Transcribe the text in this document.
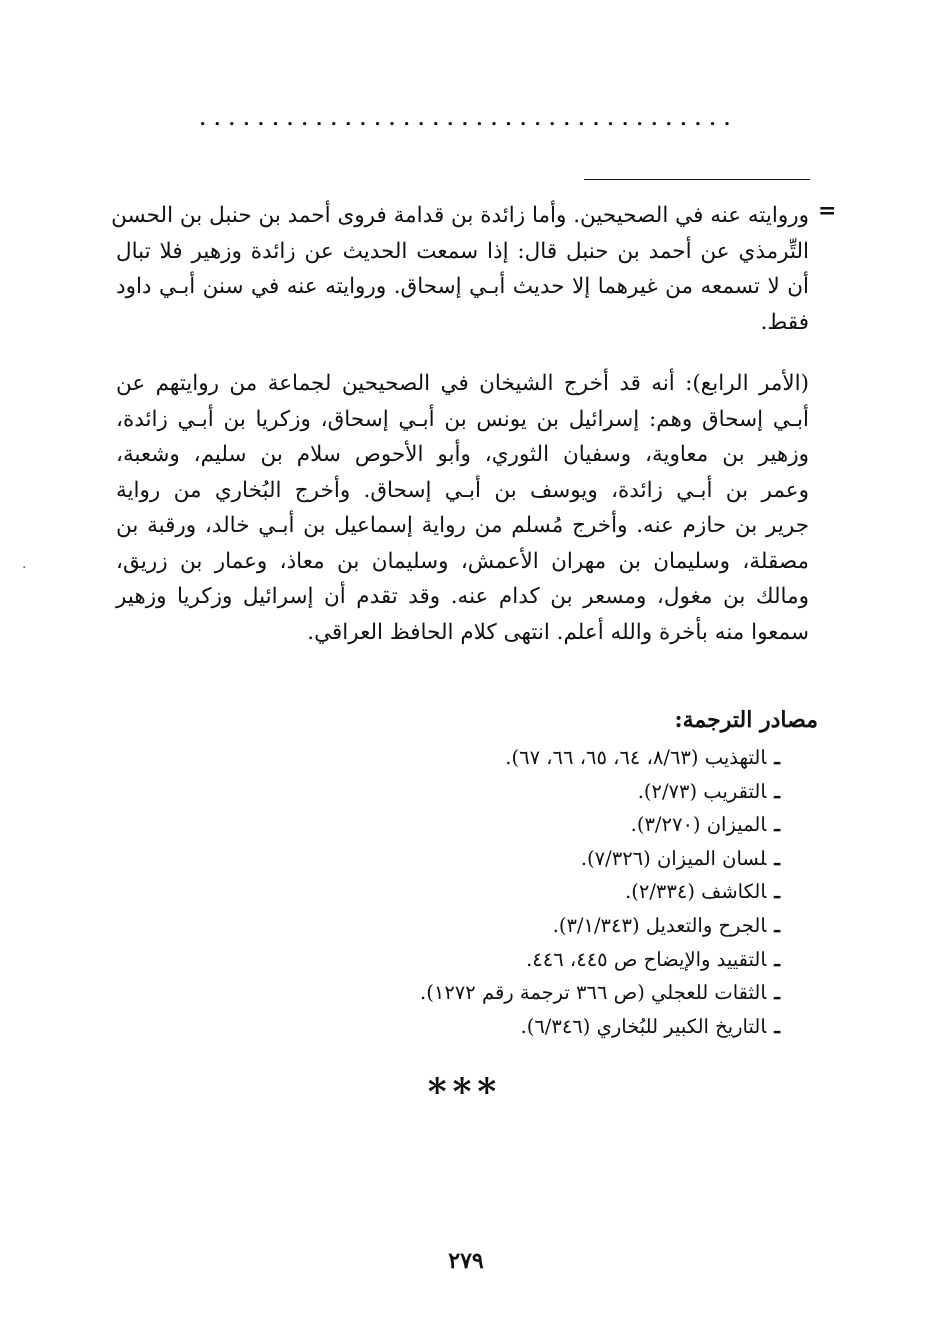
.....................................
=
·
وروايته عنه في الصحيحين. وأما زائدة بن قدامة فروى أحمد بن حنبل بن الحسن
التِّرمذي عن أحمد بن حنبل قال: إذا سمعت الحديث عن زائدة وزهير فلا تبال
أن لا تسمعه من غيرهما إلا حديث أبـي إسحاق. وروايته عنه في سنن أبـي داود
فقط.
(الأمر الرابع): أنه قد أخرج الشيخان في الصحيحين لجماعة من روايتهم عن
أبـي إسحاق وهم: إسرائيل بن يونس بن أبـي إسحاق، وزكريا بن أبـي زائدة،
وزهير بن معاوية، وسفيان الثوري، وأبو الأحوص سلام بن سليم، وشعبة،
وعمر بن أبـي زائدة، ويوسف بن أبـي إسحاق. وأخرج البُخاري من رواية
جرير بن حازم عنه. وأخرج مُسلم من رواية إسماعيل بن أبـي خالد، ورقبة بن
مصقلة، وسليمان بن مهران الأعمش، وسليمان بن معاذ، وعمار بن زريق،
ومالك بن مغول، ومسعر بن كدام عنه. وقد تقدم أن إسرائيل وزكريا وزهير
سمعوا منه بأخرة والله أعلم. انتهى كلام الحافظ العراقي.
مصادر الترجمة:
ـالتهذيب (٨/٦٣، ٦٤، ٦٥، ٦٦، ٦٧).
ـالتقريب (٢/٧٣).
ـالميزان (٣/٢٧٠).
ـلسان الميزان (٧/٣٢٦).
ـالكاشف (٢/٣٣٤).
ـالجرح والتعديل (٣/١/٣٤٣).
ـالتقييد والإيضاح ص ٤٤٥، ٤٤٦.
ـالثقات للعجلي (ص ٣٦٦ ترجمة رقم ١٢٧٢).
ـالتاريخ الكبير للبُخاري (٦/٣٤٦).
***
٢٧٩
